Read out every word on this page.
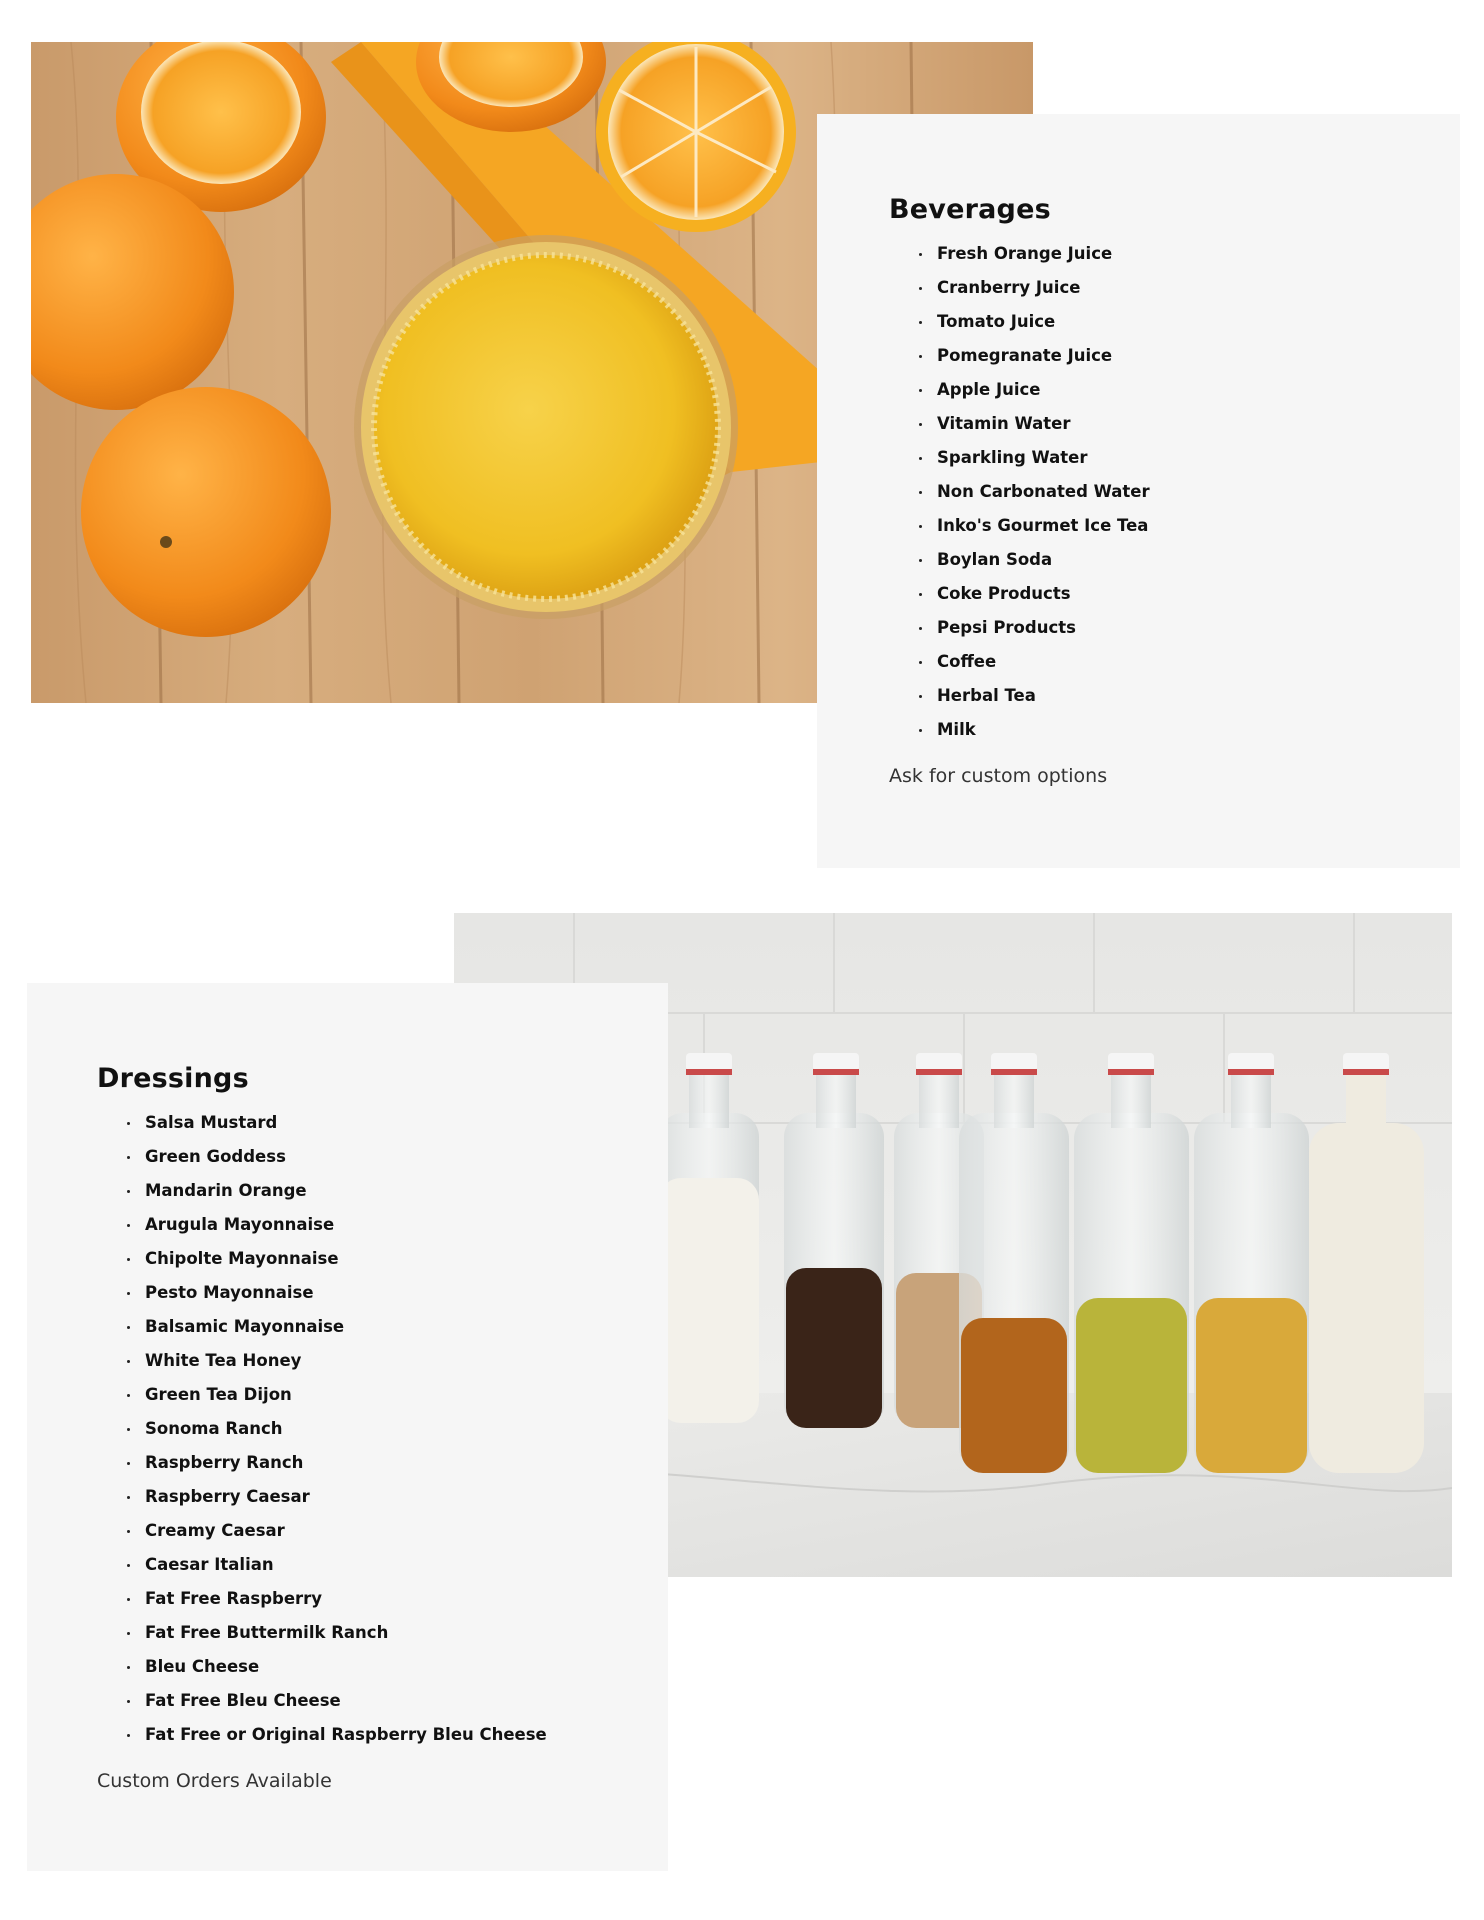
Beverages
Fresh Orange Juice
Cranberry Juice
Tomato Juice
Pomegranate Juice
Apple Juice
Vitamin Water
Sparkling Water
Non Carbonated Water
Inko's Gourmet Ice Tea
Boylan Soda
Coke Products
Pepsi Products
Coffee
Herbal Tea
Milk
Ask for custom options
Dressings
Salsa Mustard
Green Goddess
Mandarin Orange
Arugula Mayonnaise
Chipolte Mayonnaise
Pesto Mayonnaise
Balsamic Mayonnaise
White Tea Honey
Green Tea Dijon
Sonoma Ranch
Raspberry Ranch
Raspberry Caesar
Creamy Caesar
Caesar Italian
Fat Free Raspberry
Fat Free Buttermilk Ranch
Bleu Cheese
Fat Free Bleu Cheese
Fat Free or Original Raspberry Bleu Cheese
Custom Orders Available
